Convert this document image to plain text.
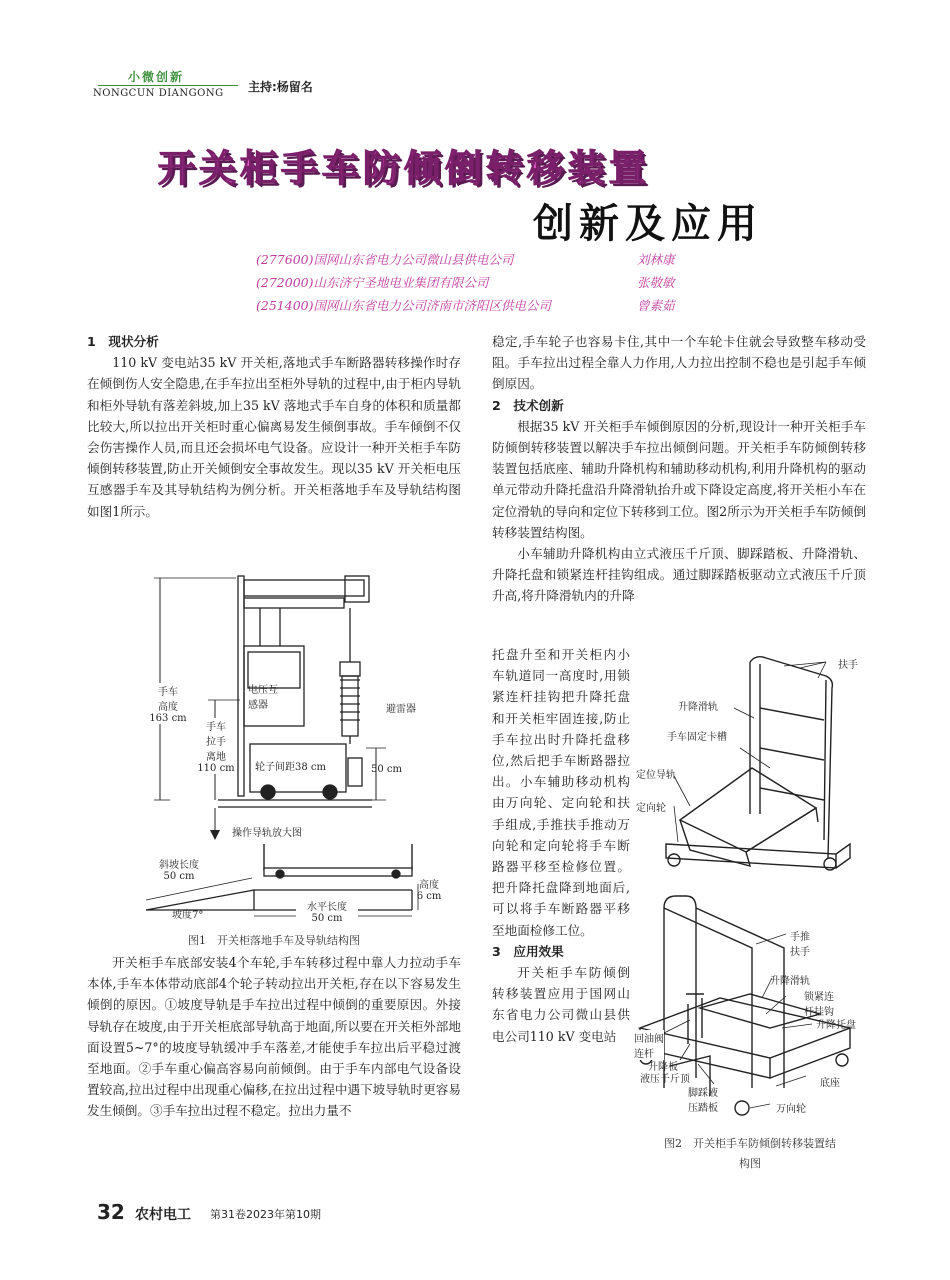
小微创新
NONGCUN DIANGONG 主持:杨留名
开关柜手车防倾倒转移装置
创新及应用
(277600)国网山东省电力公司微山县供电公司	刘林康
(272000)山东济宁圣地电业集团有限公司	张敬敏
(251400)国网山东省电力公司济南市济阳区供电公司	曾素茹
1　现状分析

110 kV 变电站35 kV 开关柜,落地式手车断路器转移操作时存在倾倒伤人安全隐患,在手车拉出至柜外导轨的过程中,由于柜内导轨和柜外导轨有落差斜坡,加上35 kV 落地式手车自身的体积和质量都比较大,所以拉出开关柜时重心偏离易发生倾倒事故。手车倾倒不仅会伤害操作人员,而且还会损坏电气设备。应设计一种开关柜手车防倾倒转移装置,防止开关倾倒安全事故发生。现以35 kV 开关柜电压互感器手车及其导轨结构为例分析。开关柜落地手车及导轨结构图如图1所示。

手车
高度
163 cm
手车
拉手
离地
110 cm
电压互
感器	避雷器
轮子间距38 cm	50 cm
操作导轨放大图
斜坡长度
50 cm
高度
6 cm
水平长度
50 cm
坡度7°
图1　开关柜落地手车及导轨结构图

开关柜手车底部安装4个车轮,手车转移过程中靠人力拉动手车本体,手车本体带动底部4个轮子转动拉出开关柜,存在以下容易发生倾倒的原因。①坡度导轨是手车拉出过程中倾倒的重要原因。外接导轨存在坡度,由于开关柜底部导轨高于地面,所以要在开关柜外部地面设置5~7°的坡度导轨缓冲手车落差,才能使手车拉出后平稳过渡至地面。②手车重心偏高容易向前倾倒。由于手车内部电气设备设置较高,拉出过程中出现重心偏移,在拉出过程中遇下坡导轨时更容易发生倾倒。③手车拉出过程不稳定。拉出力量不

稳定,手车轮子也容易卡住,其中一个车轮卡住就会导致整车移动受阻。手车拉出过程全靠人力作用,人力拉出控制不稳也是引起手车倾倒原因。
2　技术创新

根据35 kV 开关柜手车倾倒原因的分析,现设计一种开关柜手车防倾倒转移装置以解决手车拉出倾倒问题。开关柜手车防倾倒转移装置包括底座、辅助升降机构和辅助移动机构,利用升降机构的驱动单元带动升降托盘沿升降滑轨抬升或下降设定高度,将开关柜小车在定位滑轨的导向和定位下转移到工位。图2所示为开关柜手车防倾倒转移装置结构图。

小车辅助升降机构由立式液压千斤顶、脚踩踏板、升降滑轨、升降托盘和锁紧连杆挂钩组成。通过脚踩踏板驱动立式液压千斤顶升高,将升降滑轨内的升降

托盘升至和开关柜内小车轨道同一高度时,用锁紧连杆挂钩把升降托盘和开关柜牢固连接,防止手车拉出时升降托盘移位,然后把手车断路器拉出。小车辅助移动机构由万向轮、定向轮和扶手组成,手推扶手推动万向轮和定向轮将手车断路器平移至检修位置。把升降托盘降到地面后,可以将手车断路器平移至地面检修工位。
3　应用效果

开关柜手车防倾倒转移装置应用于国网山东省电力公司微山县供电公司110 kV 变电站

扶手
升降滑轨
手车固定卡槽
定位导轨
定向轮
手推
扶手
升降滑轨
锁紧连
杆挂钩
升降托盘
回油阀
连杆
升降板
液压千斤顶
脚踩液
压踏板
底座
万向轮
图2　开关柜手车防倾倒转移装置结构图
32 农村电工 第31卷2023年第10期
